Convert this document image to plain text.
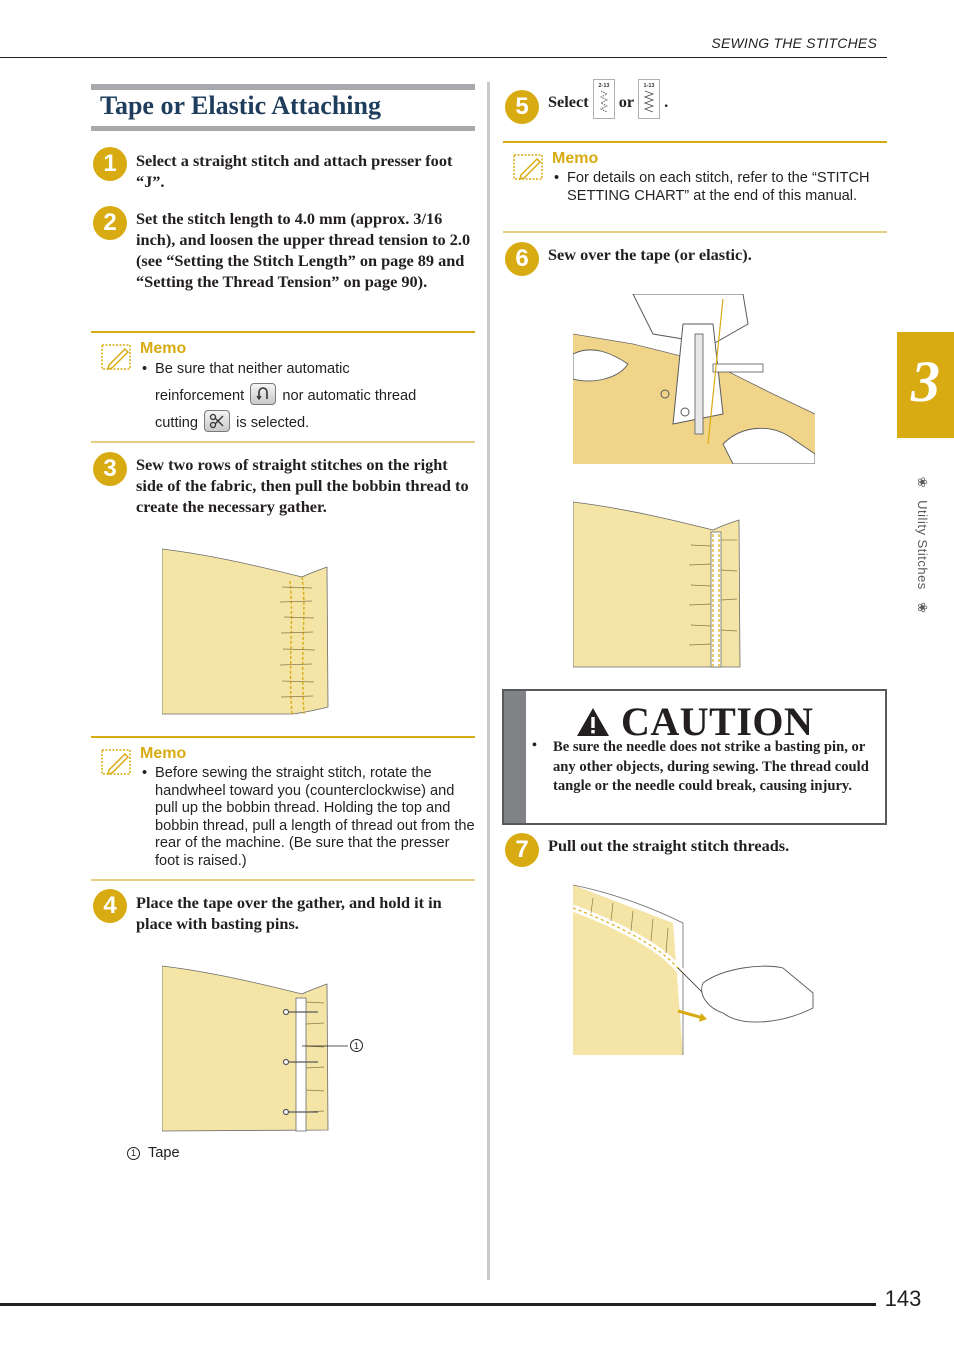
SEWING THE STITCHES
Tape or Elastic Attaching
1	Select a straight stitch and attach presser foot “J”.
2	Set the stitch length to 4.0 mm (approx. 3/16 inch), and loosen the upper thread tension to 2.0 (see “Setting the Stitch Length” on page 89 and “Setting the Thread Tension” on page 90).
Memo
• Be sure that neither automatic
reinforcement	nor automatic thread
cutting	is selected.
3	Sew two rows of straight stitches on the right side of the fabric, then pull the bobbin thread to create the necessary gather.
Memo
• Before sewing the straight stitch, rotate the handwheel toward you (counterclockwise) and pull up the bobbin thread. Holding the top and bobbin thread, pull a length of thread out from the rear of the machine. (Be sure that the presser foot is raised.)
4	Place the tape over the gather, and hold it in place with basting pins.
1
1 Tape
5	Select
2-13
or
1-13
.
Memo
• For details on each stitch, refer to the “STITCH SETTING CHART” at the end of this manual.
6	Sew over the tape (or elastic).
CAUTION
• Be sure the needle does not strike a basting pin, or any other objects, during sewing. The thread could tangle or the needle could break, causing injury.
7	Pull out the straight stitch threads.
3
❀ Utility Stitches ❀
143
